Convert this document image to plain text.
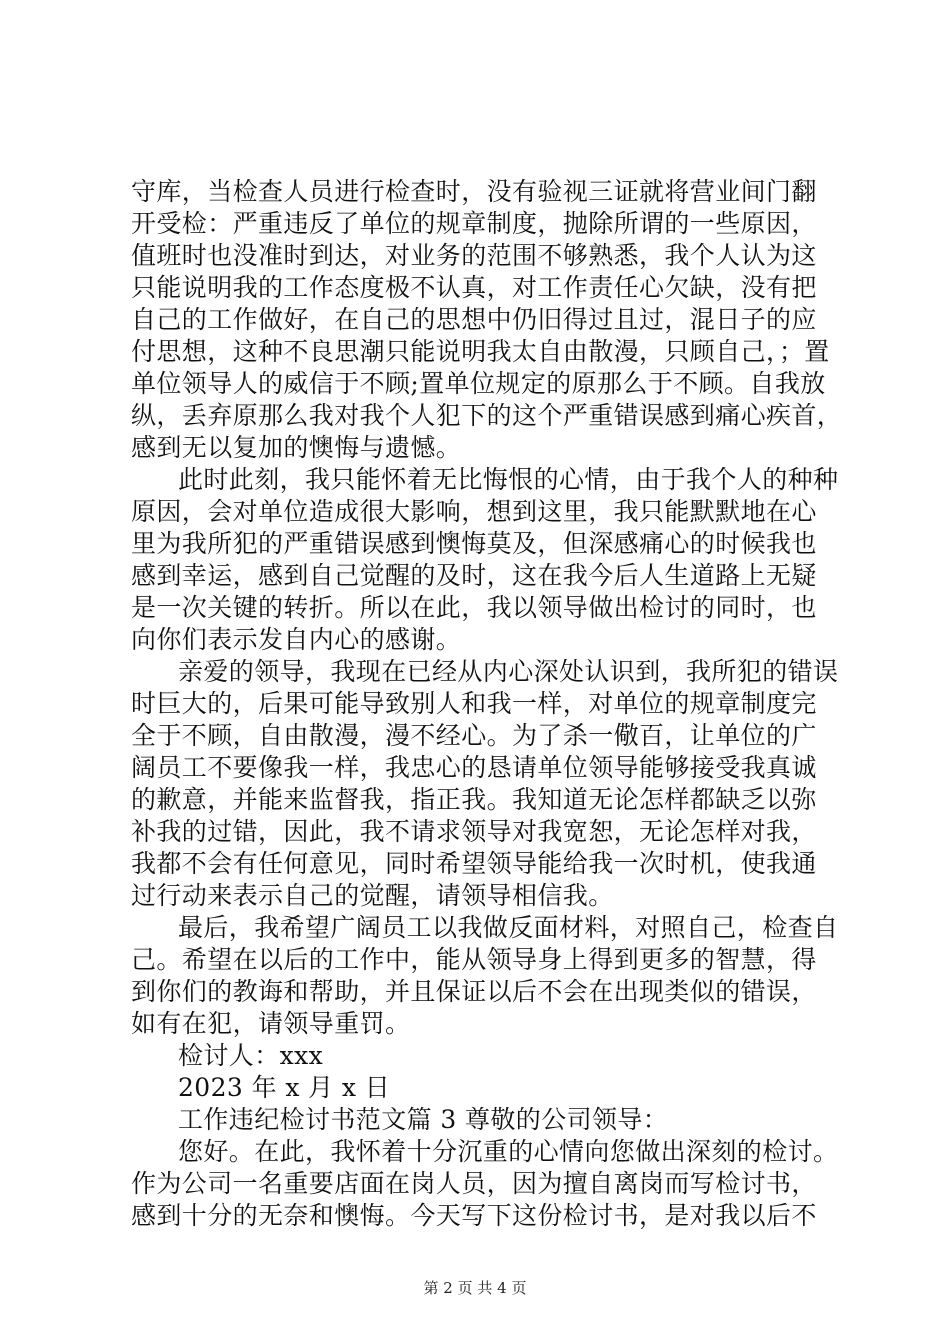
守库，当检查人员进行检查时，没有验视三证就将营业间门翻
开受检：严重违反了单位的规章制度，抛除所谓的一些原因，
值班时也没准时到达，对业务的范围不够熟悉，我个人认为这
只能说明我的工作态度极不认真，对工作责任心欠缺，没有把
自己的工作做好，在自己的思想中仍旧得过且过，混日子的应
付思想，这种不良思潮只能说明我太自由散漫，只顾自己，；置
单位领导人的威信于不顾;置单位规定的原那么于不顾。自我放
纵，丢弃原那么我对我个人犯下的这个严重错误感到痛心疾首，
感到无以复加的懊悔与遗憾。
此时此刻，我只能怀着无比悔恨的心情，由于我个人的种种
原因，会对单位造成很大影响，想到这里，我只能默默地在心
里为我所犯的严重错误感到懊悔莫及，但深感痛心的时候我也
感到幸运，感到自己觉醒的及时，这在我今后人生道路上无疑
是一次关键的转折。所以在此，我以领导做出检讨的同时，也
向你们表示发自内心的感谢。
亲爱的领导，我现在已经从内心深处认识到，我所犯的错误
时巨大的，后果可能导致别人和我一样，对单位的规章制度完
全于不顾，自由散漫，漫不经心。为了杀一儆百，让单位的广
阔员工不要像我一样，我忠心的恳请单位领导能够接受我真诚
的歉意，并能来监督我，指正我。我知道无论怎样都缺乏以弥
补我的过错，因此，我不请求领导对我宽恕，无论怎样对我，
我都不会有任何意见，同时希望领导能给我一次时机，使我通
过行动来表示自己的觉醒，请领导相信我。
最后，我希望广阔员工以我做反面材料，对照自己，检查自
己。希望在以后的工作中，能从领导身上得到更多的智慧，得
到你们的教诲和帮助，并且保证以后不会在出现类似的错误，
如有在犯，请领导重罚。
检讨人：xxx
2023 年 x 月 x 日
工作违纪检讨书范文篇 3 尊敬的公司领导：
您好。在此，我怀着十分沉重的心情向您做出深刻的检讨。
作为公司一名重要店面在岗人员，因为擅自离岗而写检讨书，
感到十分的无奈和懊悔。今天写下这份检讨书，是对我以后不
第 2 页 共 4 页
